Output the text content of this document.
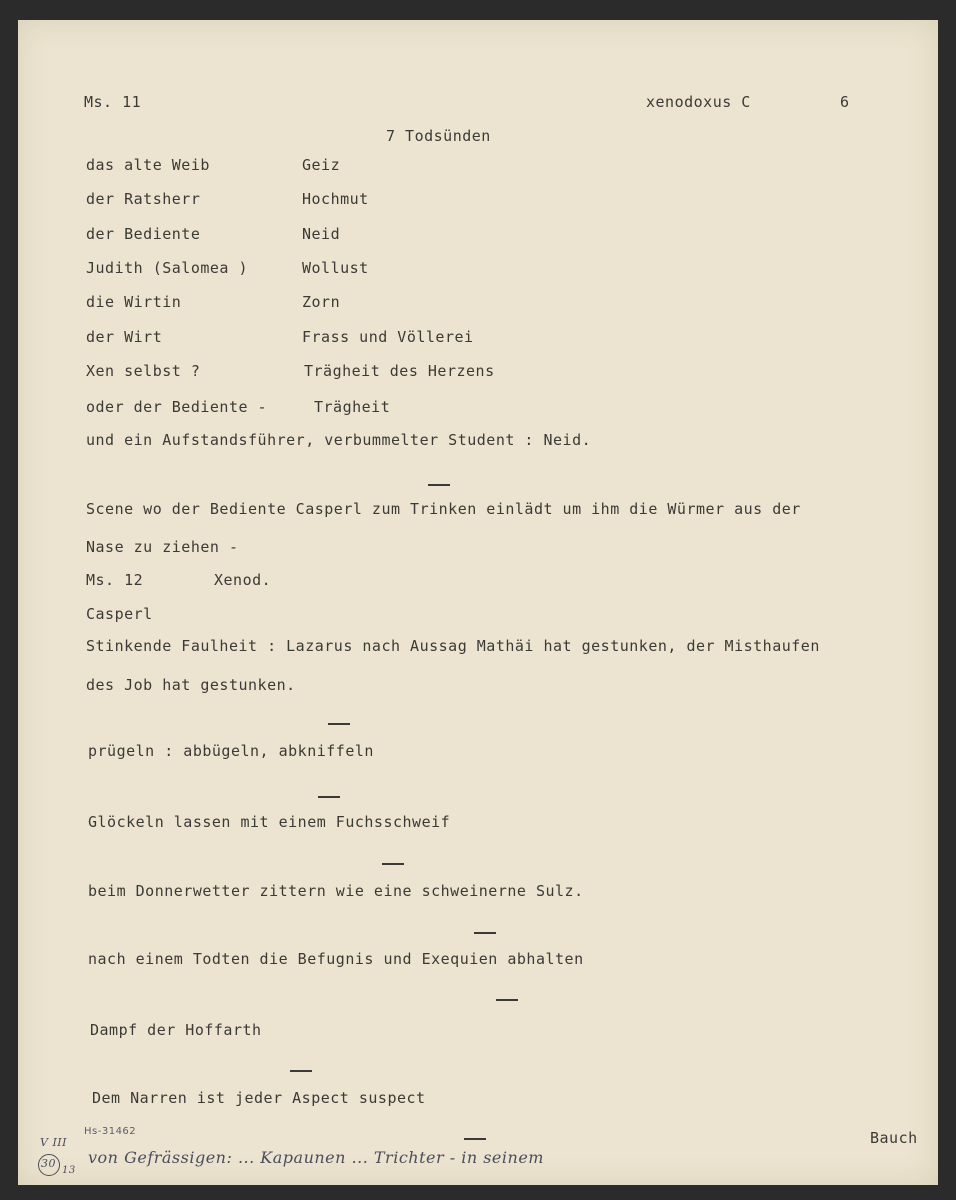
Ms. 11	xenodoxus C	6
7 Todsünden
das alte Weib	Geiz
der Ratsherr	Hochmut
der Bediente	Neid
Judith (Salomea )	Wollust
die Wirtin	Zorn
der Wirt	Frass und Völlerei
Xen selbst ?	Trägheit des Herzens
oder der Bediente -	Trägheit
und ein Aufstandsführer, verbummelter Student : Neid.
Scene wo der Bediente Casperl zum Trinken einlädt um ihm die Würmer aus der
Nase zu ziehen -
Ms. 12	Xenod.
Casperl
Stinkende Faulheit : Lazarus nach Aussag Mathäi hat gestunken, der Misthaufen
des Job hat gestunken.
prügeln : abbügeln, abkniffeln
Glöckeln lassen mit einem Fuchsschweif
beim Donnerwetter zittern wie eine schweinerne Sulz.
nach einem Todten die Befugnis und Exequien abhalten
Dampf der Hoffarth
Dem Narren ist jeder Aspect suspect
Bauch
von Gefrässigen: ... Kapaunen ... Trichter - in seinem
Hs-31462
V III
30
13
